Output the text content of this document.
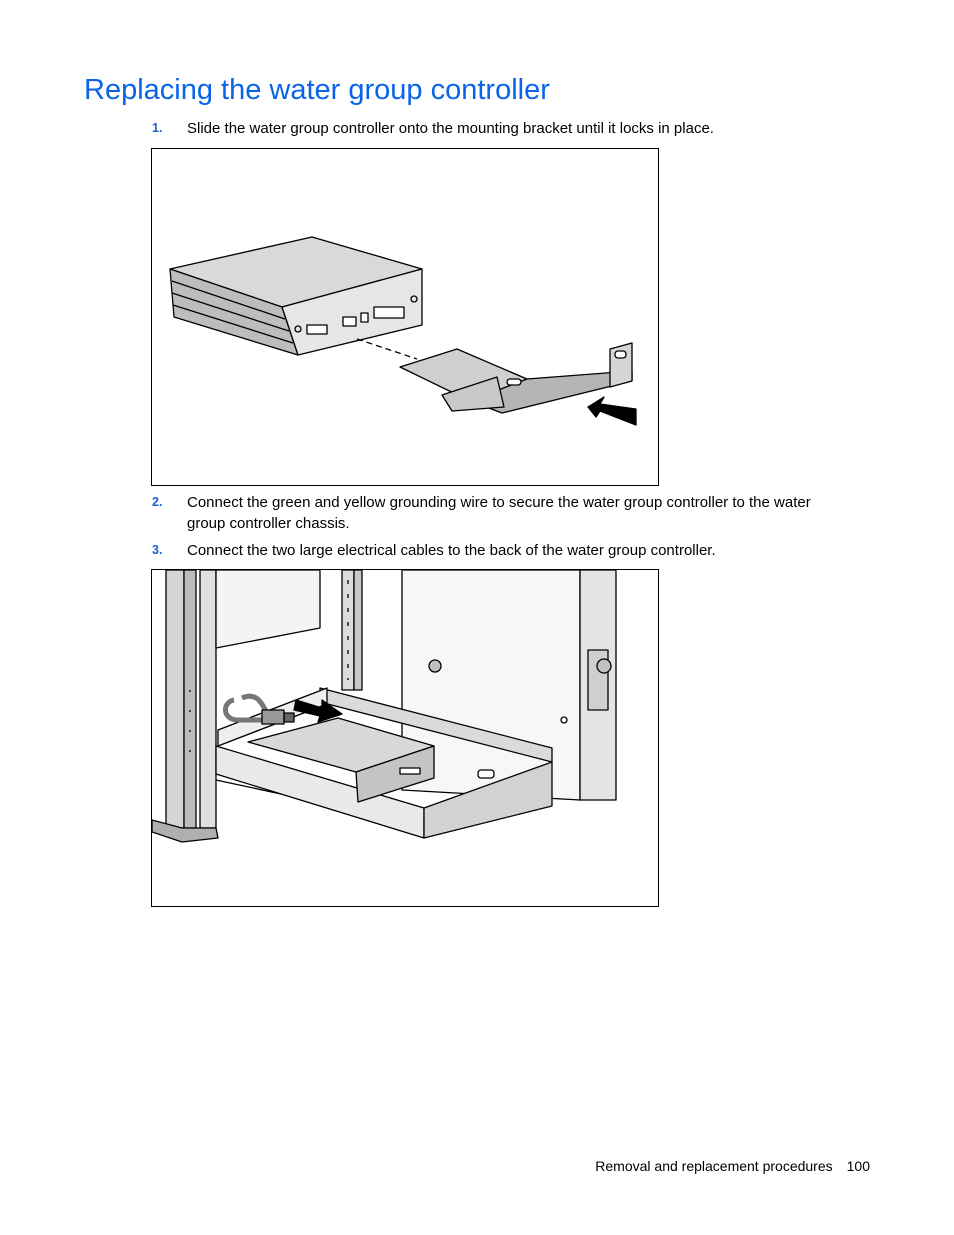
Replacing the water group controller
1. Slide the water group controller onto the mounting bracket until it locks in place.
2. Connect the green and yellow grounding wire to secure the water group controller to the water group controller chassis.
3. Connect the two large electrical cables to the back of the water group controller.
Removal and replacement procedures 100
